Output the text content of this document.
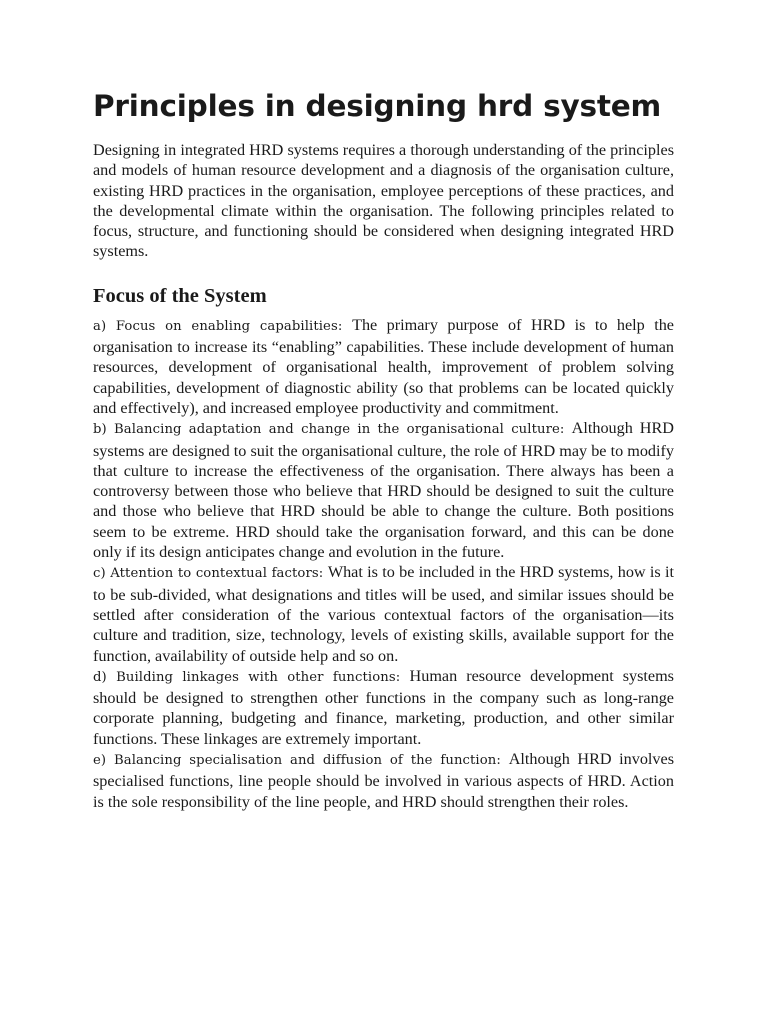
Principles in designing hrd system

Designing in integrated HRD systems requires a thorough understanding of the principles and models of human resource development and a diagnosis of the organisation culture, existing HRD practices in the organisation, employee perceptions of these practices, and the developmental climate within the organisation. The following principles related to focus, structure, and functioning should be considered when designing integrated HRD systems.

Focus of the System

a) Focus on enabling capabilities: The primary purpose of HRD is to help the organisation to increase its “enabling” capabilities. These include development of human resources, development of organisational health, improvement of problem solving capabilities, development of diagnostic ability (so that problems can be located quickly and effectively), and increased employee productivity and commitment.

b) Balancing adaptation and change in the organisational culture: Although HRD systems are designed to suit the organisational culture, the role of HRD may be to modify that culture to increase the effectiveness of the organisation. There always has been a controversy between those who believe that HRD should be designed to suit the culture and those who believe that HRD should be able to change the culture. Both positions seem to be extreme. HRD should take the organisation forward, and this can be done only if its design anticipates change and evolution in the future.

c) Attention to contextual factors: What is to be included in the HRD systems, how is it to be sub-divided, what designations and titles will be used, and similar issues should be settled after consideration of the various contextual factors of the organisation—its culture and tradition, size, technology, levels of existing skills, available support for the function, availability of outside help and so on.

d) Building linkages with other functions: Human resource development systems should be designed to strengthen other functions in the company such as long-range corporate planning, budgeting and finance, marketing, production, and other similar functions. These linkages are extremely important.

e) Balancing specialisation and diffusion of the function: Although HRD involves specialised functions, line people should be involved in various aspects of HRD. Action is the sole responsibility of the line people, and HRD should strengthen their roles.
